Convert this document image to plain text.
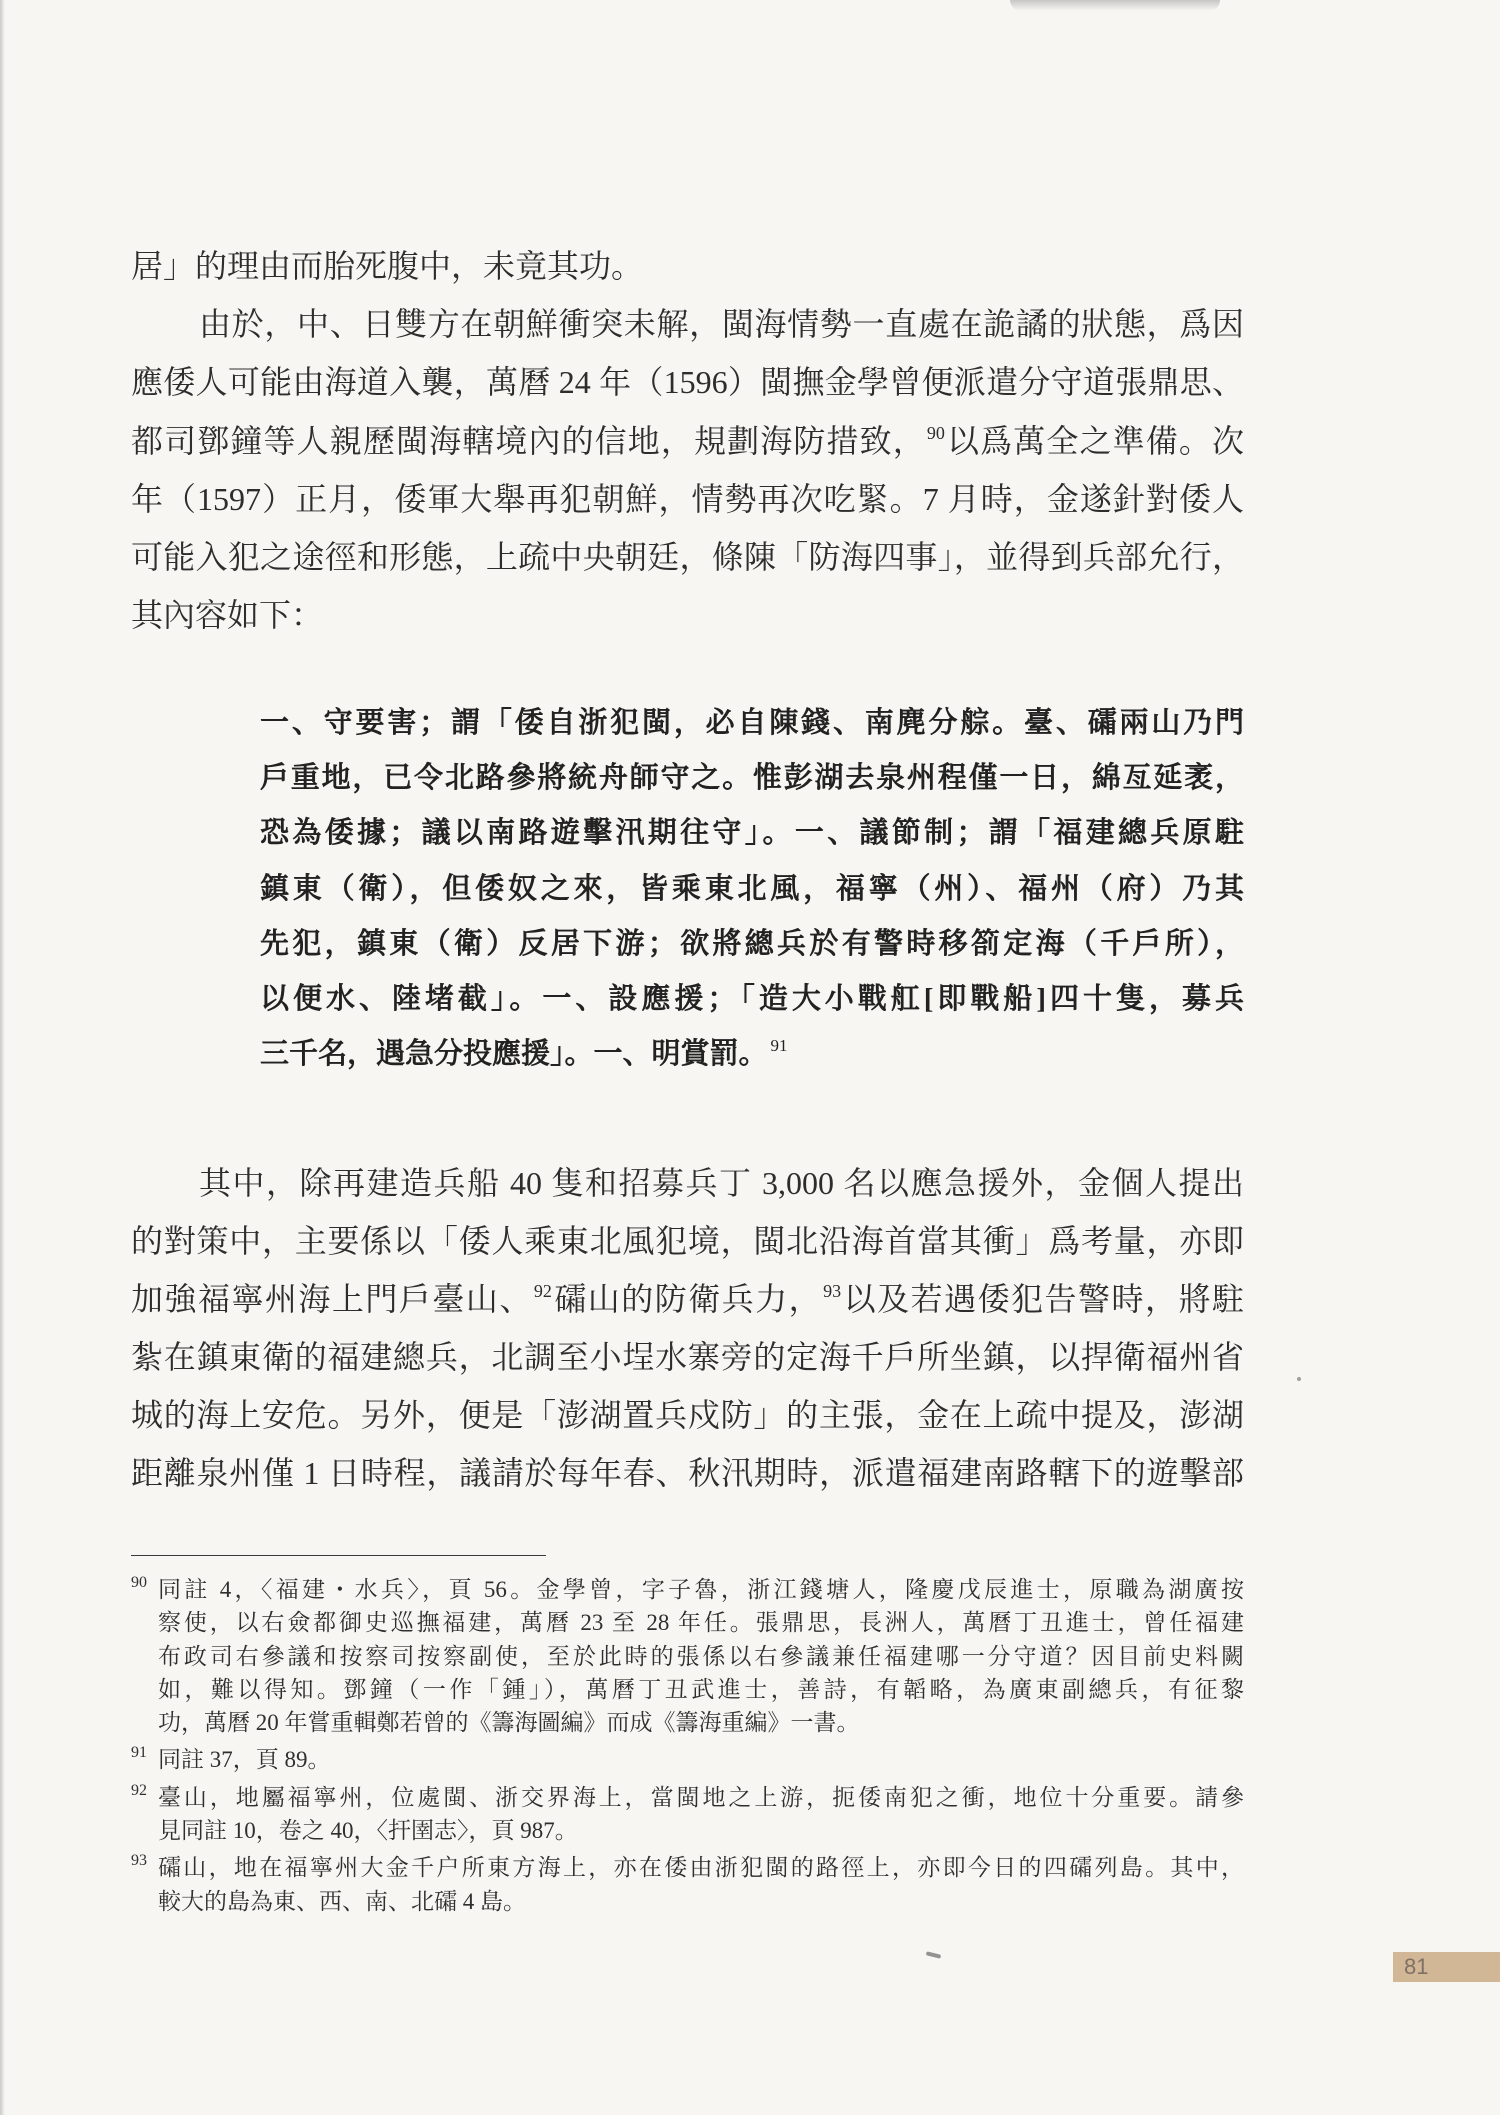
居」的理由而胎死腹中，未竟其功。
由於，中、日雙方在朝鮮衝突未解，閩海情勢一直處在詭譎的狀態，爲因
應倭人可能由海道入襲，萬曆 24 年（1596）閩撫金學曾便派遣分守道張鼎思、
都司鄧鐘等人親歷閩海轄境內的信地，規劃海防措致，$^{90}$以爲萬全之準備。次
年（1597）正月，倭軍大舉再犯朝鮮，情勢再次吃緊。7 月時，金遂針對倭人
可能入犯之途徑和形態，上疏中央朝廷，條陳「防海四事」，並得到兵部允行，
其內容如下：
一、守要害；謂「倭自浙犯閩，必自陳錢、南麂分䑸。臺、礵兩山乃門
戶重地，已令北路參將統舟師守之。惟彭湖去泉州程僅一日，綿亙延袤，
恐為倭據；議以南路遊擊汛期往守」。一、議節制；謂「福建總兵原駐
鎮東（衛），但倭奴之來，皆乘東北風，福寧（州）、福州（府）乃其
先犯，鎮東（衛）反居下游；欲將總兵於有警時移箚定海（千戶所），
以便水、陸堵截」。一、設應援；「造大小戰舡[即戰船]四十隻，募兵
三千名，遇急分投應援」。一、明賞罰。 $^{91}$
其中，除再建造兵船 40 隻和招募兵丁 3,000 名以應急援外，金個人提出
的對策中，主要係以「倭人乘東北風犯境，閩北沿海首當其衝」爲考量，亦即
加強福寧州海上門戶臺山、$^{92}$礵山的防衛兵力，$^{93}$以及若遇倭犯告警時，將駐
紮在鎮東衛的福建總兵，北調至小埕水寨旁的定海千戶所坐鎮，以捍衛福州省
城的海上安危。另外，便是「澎湖置兵戍防」的主張，金在上疏中提及，澎湖
距離泉州僅 1 日時程，議請於每年春、秋汛期時，派遣福建南路轄下的遊擊部
90 同註 4，〈福建・水兵〉，頁 56。金學曾，字子魯，浙江錢塘人，隆慶戊辰進士，原職為湖廣按
察使，以右僉都御史巡撫福建，萬曆 23 至 28 年任。張鼎思，長洲人，萬曆丁丑進士，曾任福建
布政司右參議和按察司按察副使，至於此時的張係以右參議兼任福建哪一分守道？因目前史料闕
如，難以得知。鄧鐘（一作「鍾」），萬曆丁丑武進士，善詩，有韜略，為廣東副總兵，有征黎
功，萬曆 20 年嘗重輯鄭若曾的《籌海圖編》而成《籌海重編》一書。
91 同註 37，頁 89。
92 臺山，地屬福寧州，位處閩、浙交界海上，當閩地之上游，扼倭南犯之衝，地位十分重要。請參
見同註 10，卷之 40，〈扞圉志〉，頁 987。
93 礵山，地在福寧州大金千户所東方海上，亦在倭由浙犯閩的路徑上，亦即今日的四礵列島。其中，
較大的島為東、西、南、北礵 4 島。
81
